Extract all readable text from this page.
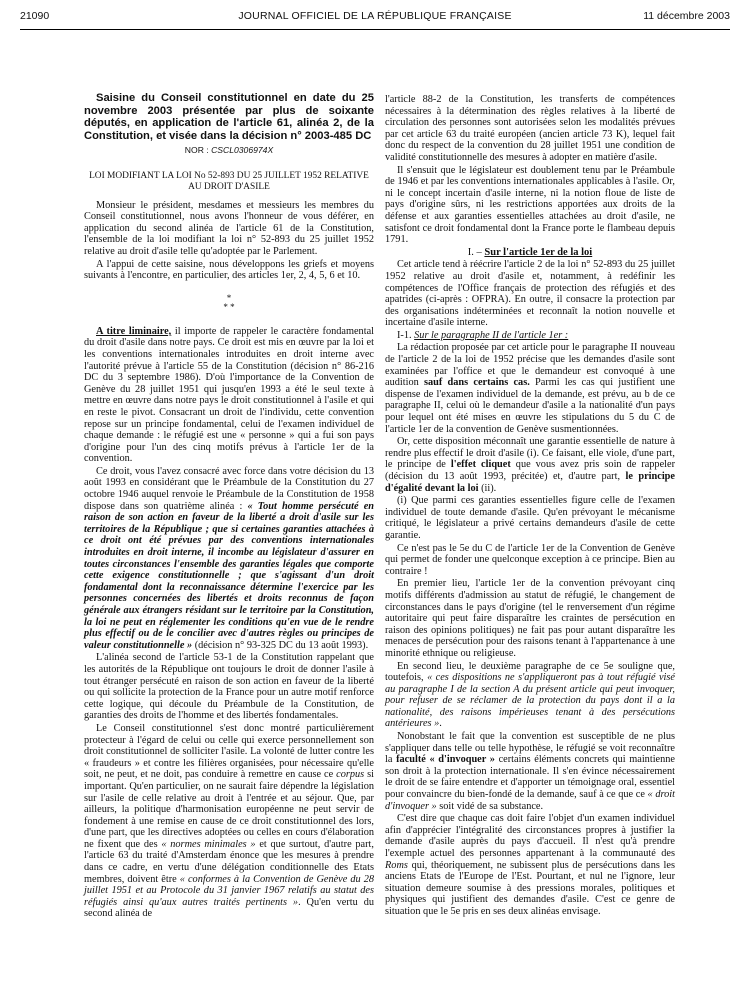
21090	JOURNAL OFFICIEL DE LA RÉPUBLIQUE FRANÇAISE	11 décembre 2003

Saisine du Conseil constitutionnel en date du 25 novembre 2003 présentée par plus de soixante députés, en application de l'article 61, alinéa 2, de la Constitution, et visée dans la décision n° 2003-485 DC

NOR : CSCL0306974X
LOI MODIFIANT LA LOI No 52-893 DU 25 JUILLET 1952 RELATIVE AU DROIT D'ASILE

Monsieur le président, mesdames et messieurs les membres du Conseil constitutionnel, nous avons l'honneur de vous déférer, en application du second alinéa de l'article 61 de la Constitution, l'ensemble de la loi modifiant la loi n° 52-893 du 25 juillet 1952 relative au droit d'asile telle qu'adoptée par le Parlement.

A l'appui de cette saisine, nous développons les griefs et moyens suivants à l'encontre, en particulier, des articles 1er, 2, 4, 5, 6 et 10.

*
* *

A titre liminaire, il importe de rappeler le caractère fondamental du droit d'asile dans notre pays. Ce droit est mis en œuvre par la loi et les conventions internationales introduites en droit interne avec l'autorité prévue à l'article 55 de la Constitution (décision n° 86-216 DC du 3 septembre 1986). D'où l'importance de la Convention de Genève du 28 juillet 1951 qui jusqu'en 1993 a été le seul texte à mettre en œuvre dans notre pays le droit constitutionnel à l'asile et qui en reste le pivot. Consacrant un droit de l'individu, cette convention repose sur un principe fondamental, celui de l'examen individuel de chaque demande : le réfugié est une « personne » qui a fui son pays d'origine pour l'un des cinq motifs prévus à l'article 1er de la convention.

Ce droit, vous l'avez consacré avec force dans votre décision du 13 août 1993 en considérant que le Préambule de la Constitution du 27 octobre 1946 auquel renvoie le Préambule de la Constitution de 1958 dispose dans son quatrième alinéa : « Tout homme persécuté en raison de son action en faveur de la liberté a droit d'asile sur les territoires de la République ; que si certaines garanties attachées à ce droit ont été prévues par des conventions internationales introduites en droit interne, il incombe au législateur d'assurer en toutes circonstances l'ensemble des garanties légales que comporte cette exigence constitutionnelle ; que s'agissant d'un droit fondamental dont la reconnaissance détermine l'exercice par les personnes concernées des libertés et droits reconnus de façon générale aux étrangers résidant sur le territoire par la Constitution, la loi ne peut en réglementer les conditions qu'en vue de le rendre plus effectif ou de le concilier avec d'autres règles ou principes de valeur constitutionnelle » (décision n° 93-325 DC du 13 août 1993).

L'alinéa second de l'article 53-1 de la Constitution rappelant que les autorités de la République ont toujours le droit de donner l'asile à tout étranger persécuté en raison de son action en faveur de la liberté ou qui sollicite la protection de la France pour un autre motif renforce cette logique, qui découle du Préambule de la Constitution, de garanties des droits de l'homme et des libertés fondamentales.

Le Conseil constitutionnel s'est donc montré particulièrement protecteur à l'égard de celui ou celle qui exerce personnellement son droit constitutionnel de solliciter l'asile. La volonté de lutter contre les « fraudeurs » et contre les filières organisées, pour nécessaire qu'elle soit, ne peut, et ne doit, pas conduire à remettre en cause ce corpus si important. Qu'en particulier, on ne saurait faire dépendre la législation sur l'asile de celle relative au droit à l'entrée et au séjour. Que, par ailleurs, la politique d'harmonisation européenne ne peut servir de fondement à une remise en cause de ce droit constitutionnel des lors, d'une part, que les directives adoptées ou celles en cours d'élaboration ne fixent que des « normes minimales » et que surtout, d'autre part, l'article 63 du traité d'Amsterdam énonce que les mesures à prendre dans ce cadre, en vertu d'une délégation conditionnelle des Etats membres, doivent être « conformes à la Convention de Genève du 28 juillet 1951 et au Protocole du 31 janvier 1967 relatifs au statut des réfugiés ainsi qu'aux autres traités pertinents ». Qu'en vertu du second alinéa de

l'article 88-2 de la Constitution, les transferts de compétences nécessaires à la détermination des règles relatives à la liberté de circulation des personnes sont autorisées selon les modalités prévues par cet article 63 du traité européen (ancien article 73 K), lequel fait donc du respect de la convention du 28 juillet 1951 une condition de validité constitutionnelle des mesures à adopter en matière d'asile.

Il s'ensuit que le législateur est doublement tenu par le Préambule de 1946 et par les conventions internationales applicables à l'asile. Or, ni le concept incertain d'asile interne, ni la notion floue de liste de pays d'origine sûrs, ni les restrictions apportées aux droits de la défense et aux garanties essentielles attachées au droit d'asile, ne satisfont ce droit fondamental dont la France porte le flambeau depuis 1791.

I. – Sur l'article 1er de la loi

Cet article tend à réécrire l'article 2 de la loi n° 52-893 du 25 juillet 1952 relative au droit d'asile et, notamment, à redéfinir les compétences de l'Office français de protection des réfugiés et des apatrides (ci-après : OFPRA). En outre, il consacre la protection par des organisations indéterminées et reconnaît la notion nouvelle et incertaine d'asile interne.

I-1. Sur le paragraphe II de l'article 1er :

La rédaction proposée par cet article pour le paragraphe II nouveau de l'article 2 de la loi de 1952 précise que les demandes d'asile sont examinées par l'office et que le demandeur est convoqué à une audition sauf dans certains cas. Parmi les cas qui justifient une dispense de l'examen individuel de la demande, est prévu, au b de ce paragraphe II, celui où le demandeur d'asile a la nationalité d'un pays pour lequel ont été mises en œuvre les stipulations du 5 du C de l'article 1er de la convention de Genève susmentionnées.

Or, cette disposition méconnaît une garantie essentielle de nature à rendre plus effectif le droit d'asile (i). Ce faisant, elle viole, d'une part, le principe de l'effet cliquet que vous avez pris soin de rappeler (décision du 13 août 1993, précitée) et, d'autre part, le principe d'égalité devant la loi (ii).

(i) Que parmi ces garanties essentielles figure celle de l'examen individuel de toute demande d'asile. Qu'en prévoyant le mécanisme critiqué, le législateur a privé certains demandeurs d'asile de cette garantie.

Ce n'est pas le 5e du C de l'article 1er de la Convention de Genève qui permet de fonder une quelconque exception à ce principe. Bien au contraire !

En premier lieu, l'article 1er de la convention prévoyant cinq motifs différents d'admission au statut de réfugié, le changement de circonstances dans le pays d'origine (tel le renversement d'un régime autoritaire qui peut faire disparaître les craintes de persécution en raison des opinions politiques) ne fait pas pour autant disparaître les menaces de persécution pour des raisons tenant à l'appartenance à une minorité ethnique ou religieuse.

En second lieu, le deuxième paragraphe de ce 5e souligne que, toutefois, « ces dispositions ne s'appliqueront pas à tout réfugié visé au paragraphe I de la section A du présent article qui peut invoquer, pour refuser de se réclamer de la protection du pays dont il a la nationalité, des raisons impérieuses tenant à des persécutions antérieures ».

Nonobstant le fait que la convention est susceptible de ne plus s'appliquer dans telle ou telle hypothèse, le réfugié se voit reconnaître la faculté « d'invoquer » certains éléments concrets qui maintienne son droit à la protection internationale. Il s'en évince nécessairement le droit de se faire entendre et d'apporter un témoignage oral, essentiel pour convaincre du bien-fondé de la demande, sauf à ce que ce « droit d'invoquer » soit vidé de sa substance.

C'est dire que chaque cas doit faire l'objet d'un examen individuel afin d'apprécier l'intégralité des circonstances propres à justifier la demande d'asile auprès du pays d'accueil. Il n'est qu'à prendre l'exemple actuel des personnes appartenant à la communauté des Roms qui, théoriquement, ne subissent plus de persécutions dans les anciens Etats de l'Europe de l'Est. Pourtant, et nul ne l'ignore, leur situation demeure soumise à des pressions morales, politiques et physiques qui justifient des demandes d'asile. C'est ce genre de situation que le 5e pris en ses deux alinéas envisage.
